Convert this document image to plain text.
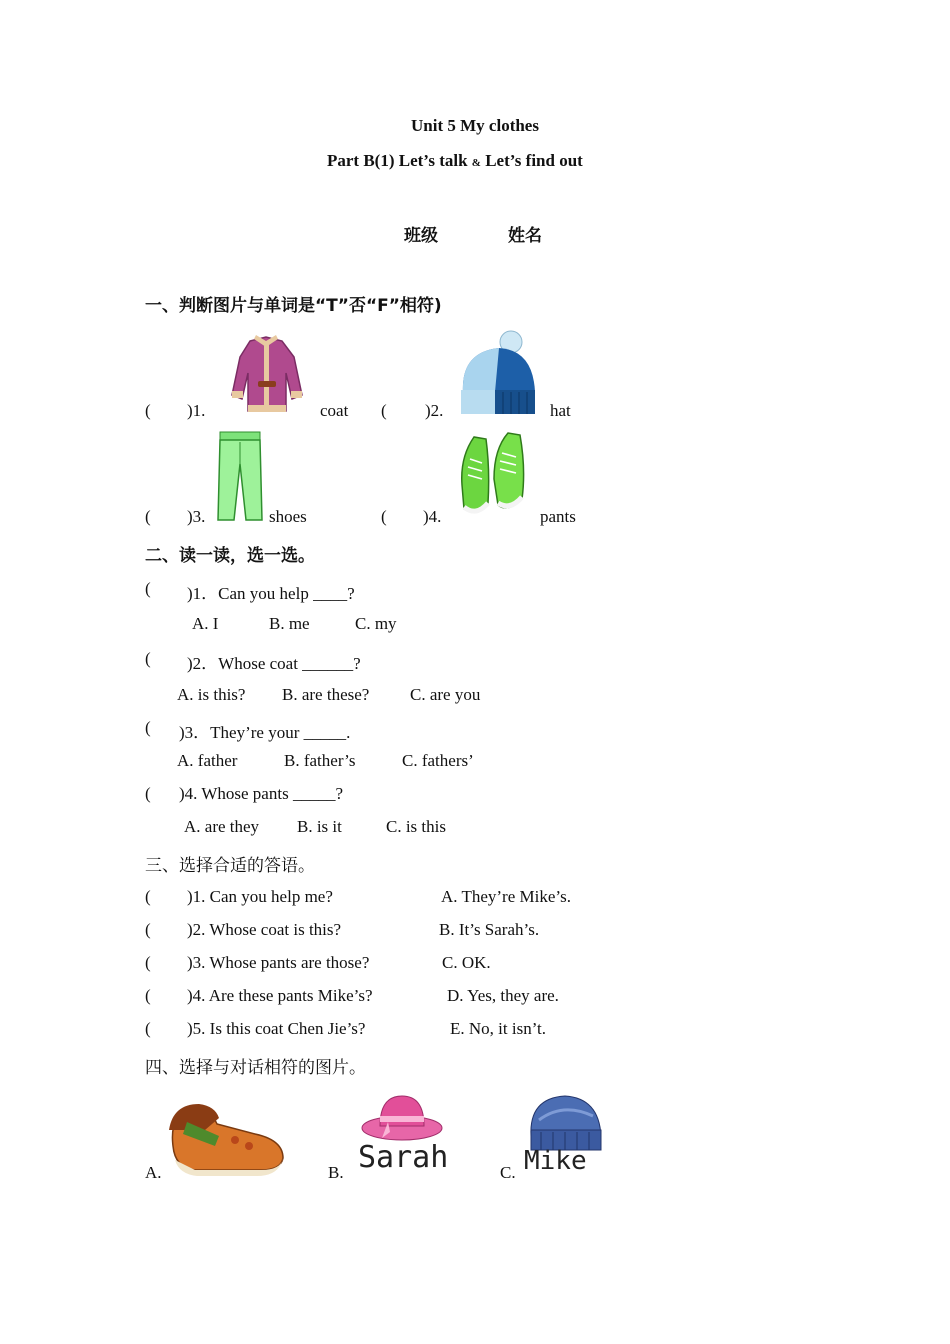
Unit 5 My clothes
Part B(1) Let’s talk & Let’s find out
班级	姓名
一、判断图片与单词是“T”否“F”相符)
( )1.	coat ( )2.	hat
( )3.	shoes	( )4.	pants
二、读一读，选一选。
( )1．Can you help ____?
A. I	B. me	C. my
( )2．Whose coat ______?
A. is this? B. are these? C. are you
( )3．They’re your _____.
A. father	B. father’s	C. fathers’
( )4. Whose pants _____?
A. are they B. is it	C. is this
三、选择合适的答语。
( )1. Can you help me?	A. They’re Mike’s.
( )2. Whose coat is this?	B. It’s Sarah’s.
( )3. Whose pants are those?	C. OK.
( )4. Are these pants Mike’s?	D. Yes, they are.
( )5. Is this coat Chen Jie’s?	E. No, it isn’t.
四、选择与对话相符的图片。
A.	B. Sarah	C. Mike
